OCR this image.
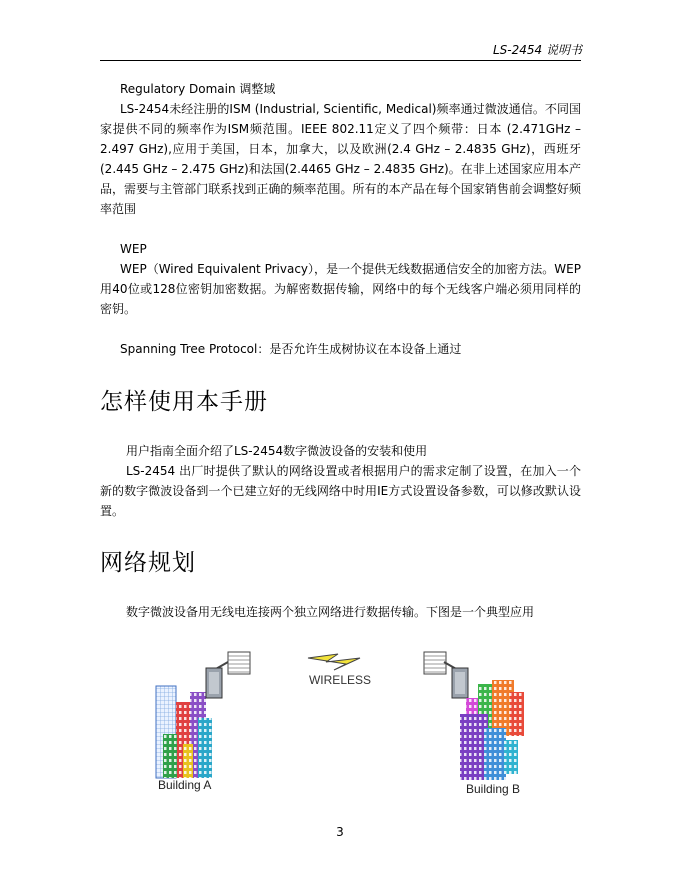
LS-2454 说明书

Regulatory Domain 调整域

LS-2454未经注册的ISM (Industrial, Scientific, Medical)频率通过微波通信。不同国家提供不同的频率作为ISM频范围。IEEE 802.11定义了四个频带：日本 (2.471GHz – 2.497 GHz),应用于美国，日本，加拿大，以及欧洲(2.4 GHz – 2.4835 GHz)，西班牙(2.445 GHz – 2.475 GHz)和法国(2.4465 GHz – 2.4835 GHz)。在非上述国家应用本产品，需要与主管部门联系找到正确的频率范围。所有的本产品在每个国家销售前会调整好频率范围

WEP

WEP（Wired Equivalent Privacy），是一个提供无线数据通信安全的加密方法。WEP用40位或128位密钥加密数据。为解密数据传输，网络中的每个无线客户端必须用同样的密钥。

Spanning Tree Protocol：是否允许生成树协议在本设备上通过

怎样使用本手册

用户指南全面介绍了LS-2454数字微波设备的安装和使用

LS-2454 出厂时提供了默认的网络设置或者根据用户的需求定制了设置，在加入一个新的数字微波设备到一个已建立好的无线网络中时用IE方式设置设备参数，可以修改默认设置。

网络规划

数字微波设备用无线电连接两个独立网络进行数据传输。下图是一个典型应用

WIRELESS
Building A	Building B
3
